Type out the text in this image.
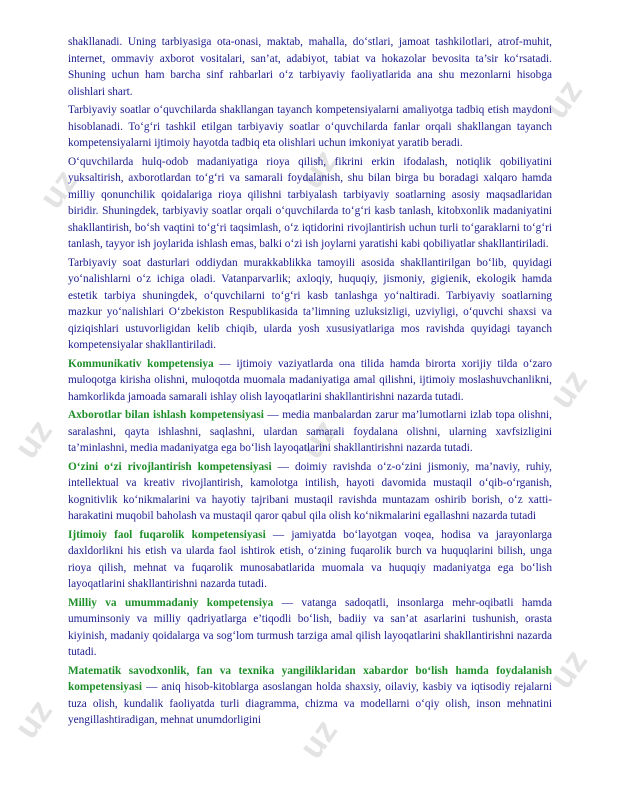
uz
uz	uz
uz
uz
uz
uz
uz
uz

shakllanadi. Uning tarbiyasiga ota-onasi, maktab, mahalla, do‘stlari, jamoat tashkilotlari, atrof-muhit, internet, ommaviy axborot vositalari, san’at, adabiyot, tabiat va hokazolar bevosita ta’sir ko‘rsatadi. Shuning uchun ham barcha sinf rahbarlari o‘z tarbiyaviy faoliyatlarida ana shu mezonlarni hisobga olishlari shart.

Tarbiyaviy soatlar o‘quvchilarda shakllangan tayanch kompetensiyalarni amaliyotga tadbiq etish maydoni hisoblanadi. To‘g‘ri tashkil etilgan tarbiyaviy soatlar o‘quvchilarda fanlar orqali shakllangan tayanch kompetensiyalarni ijtimoiy hayotda tadbiq eta olishlari uchun imkoniyat yaratib beradi.

O‘quvchilarda hulq-odob madaniyatiga rioya qilish, fikrini erkin ifodalash, notiqlik qobiliyatini yuksaltirish, axborotlardan to‘g‘ri va samarali foydalanish, shu bilan birga bu boradagi xalqaro hamda milliy qonunchilik qoidalariga rioya qilishni tarbiyalash tarbiyaviy soatlarning asosiy maqsadlaridan biridir. Shuningdek, tarbiyaviy soatlar orqali o‘quvchilarda to‘g‘ri kasb tanlash, kitobxonlik madaniyatini shakllantirish, bo‘sh vaqtini to‘g‘ri taqsimlash, o‘z iqtidorini rivojlantirish uchun turli to‘garaklarni to‘g‘ri tanlash, tayyor ish joylarida ishlash emas, balki o‘zi ish joylarni yaratishi kabi qobiliyatlar shakllantiriladi.

Tarbiyaviy soat dasturlari oddiydan murakkablikka tamoyili asosida shakllantirilgan bo‘lib, quyidagi yo‘nalishlarni o‘z ichiga oladi. Vatanparvarlik; axloqiy, huquqiy, jismoniy, gigienik, ekologik hamda estetik tarbiya shuningdek, o‘quvchilarni to‘g‘ri kasb tanlashga yo‘naltiradi. Tarbiyaviy soatlarning mazkur yo‘nalishlari O‘zbekiston Respublikasida ta’limning uzluksizligi, uzviyligi, o‘quvchi shaxsi va qiziqishlari ustuvorligidan kelib chiqib, ularda yosh xususiyatlariga mos ravishda quyidagi tayanch kompetensiyalar shakllantiriladi.

Kommunikativ kompetensiya — ijtimoiy vaziyatlarda ona tilida hamda birorta xorijiy tilda o‘zaro muloqotga kirisha olishni, muloqotda muomala madaniyatiga amal qilishni, ijtimoiy moslashuvchanlikni, hamkorlikda jamoada samarali ishlay olish layoqatlarini shakllantirishni nazarda tutadi.

Axborotlar bilan ishlash kompetensiyasi — media manbalardan zarur ma’lumotlarni izlab topa olishni, saralashni, qayta ishlashni, saqlashni, ulardan samarali foydalana olishni, ularning xavfsizligini ta’minlashni, media madaniyatga ega bo‘lish layoqatlarini shakllantirishni nazarda tutadi.

O‘zini o‘zi rivojlantirish kompetensiyasi — doimiy ravishda o‘z-o‘zini jismoniy, ma’naviy, ruhiy, intellektual va kreativ rivojlantirish, kamolotga intilish, hayoti davomida mustaqil o‘qib-o‘rganish, kognitivlik ko‘nikmalarini va hayotiy tajribani mustaqil ravishda muntazam oshirib borish, o‘z xatti-harakatini muqobil baholash va mustaqil qaror qabul qila olish ko‘nikmalarini egallashni nazarda tutadi

Ijtimoiy faol fuqarolik kompetensiyasi — jamiyatda bo‘layotgan voqea, hodisa va jarayonlarga daxldorlikni his etish va ularda faol ishtirok etish, o‘zining fuqarolik burch va huquqlarini bilish, unga rioya qilish, mehnat va fuqarolik munosabatlarida muomala va huquqiy madaniyatga ega bo‘lish layoqatlarini shakllantirishni nazarda tutadi.

Milliy va umummadaniy kompetensiya — vatanga sadoqatli, insonlarga mehr-oqibatli hamda umuminsoniy va milliy qadriyatlarga e’tiqodli bo‘lish, badiiy va san’at asarlarini tushunish, orasta kiyinish, madaniy qoidalarga va sog‘lom turmush tarziga amal qilish layoqatlarini shakllantirishni nazarda tutadi.

Matematik savodxonlik, fan va texnika yangiliklaridan xabardor bo‘lish hamda foydalanish kompetensiyasi — aniq hisob-kitoblarga asoslangan holda shaxsiy, oilaviy, kasbiy va iqtisodiy rejalarni tuza olish, kundalik faoliyatda turli diagramma, chizma va modellarni o‘qiy olish, inson mehnatini yengillashtiradigan, mehnat unumdorligini
